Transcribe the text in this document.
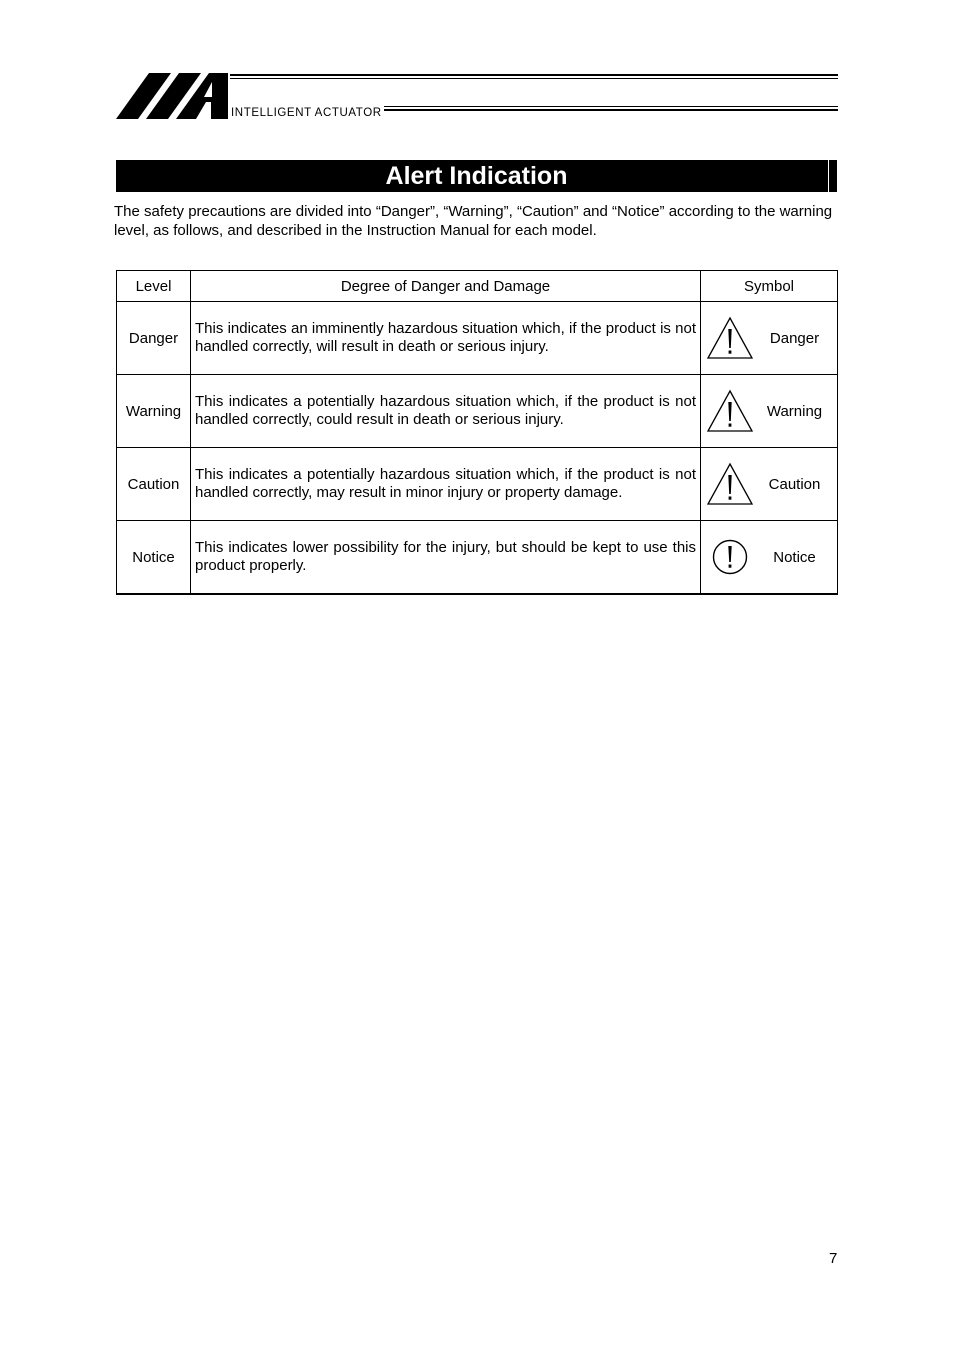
INTELLIGENT ACTUATOR
Alert Indication
The safety precautions are divided into “Danger”, “Warning”, “Caution” and “Notice” according to the warning level, as follows, and described in the Instruction Manual for each model.
Level	Degree of Danger and Damage	Symbol
Danger	This indicates an imminently hazardous situation which, if the product is not handled correctly, will result in death or serious injury.	Danger

Warning	This indicates a potentially hazardous situation which, if the product is not handled correctly, could result in death or serious injury.	Warning

Caution	This indicates a potentially hazardous situation which, if the product is not handled correctly, may result in minor injury or property damage.	Caution

Notice	This indicates lower possibility for the injury, but should be kept to use this product properly.	Notice
7
